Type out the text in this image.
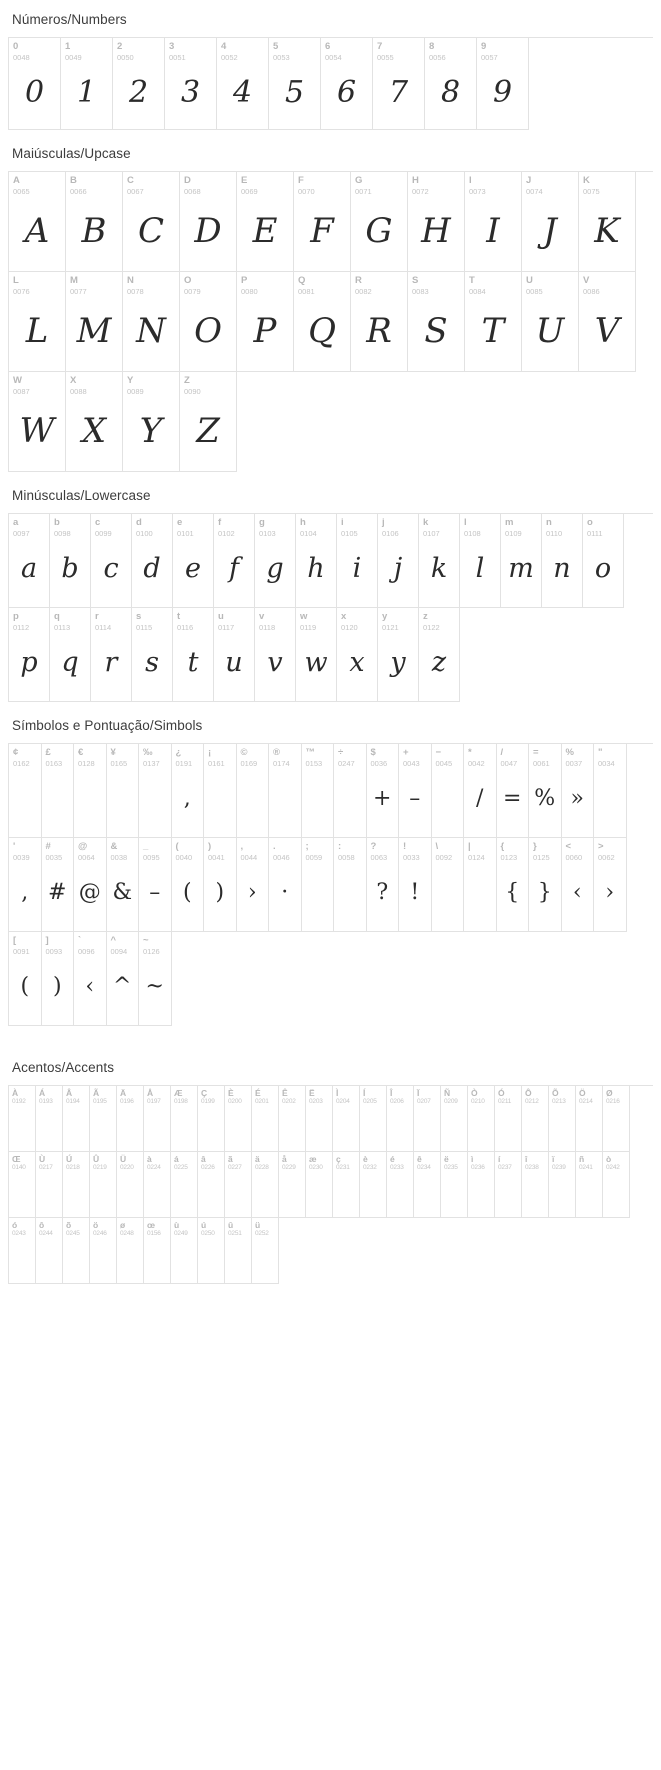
Números/Numbers
0
0048
0
1
0049
1
2
0050
2
3
0051
3
4
0052
4
5
0053
5
6
0054
6
7
0055
7
8
0056
8
9
0057
9
Maiúsculas/Upcase
A
0065
A
B
0066
B
C
0067
C
D
0068
D
E
0069
E
F
0070
F
G
0071
G
H
0072
H
I
0073
I
J
0074
J
K
0075
K
L
0076
L
M
0077
M
N
0078
N
O
0079
O
P
0080
P
Q
0081
Q
R
0082
R
S
0083
S
T
0084
T
U
0085
U
V
0086
V
W
0087
W
X
0088
X
Y
0089
Y
Z
0090
Z
Minúsculas/Lowercase
a
0097
a
b
0098
b
c
0099
c
d
0100
d
e
0101
e
f
0102
f
g
0103
g
h
0104
h
i
0105
i
j
0106
j
k
0107
k
l
0108
l
m
0109
m
n
0110
n
o
0111
o
p
0112
p
q
0113
q
r
0114
r
s
0115
s
t
0116
t
u
0117
u
v
0118
v
w
0119
w
x
0120
x
y
0121
y
z
0122
z
Símbolos e Pontuação/Simbols
¢
0162
£
0163
€
0128
¥
0165
‰
0137
¿
0191
,
¡
0161
©
0169
®
0174
™
0153
÷
0247
$
0036
+
+
0043
–
−
0045
*
0042
/
/
0047
=
=
0061
%
%
0037
»
"
0034
'
0039
,
#
0035
#
@
0064
@
&
0038
&
_
0095
–
(
0040
(
)
0041
)
,
0044
›
.
0046
·
;
0059
:
0058
?
0063
?
!
0033
!
\
0092
|
0124
{
0123
{
}
0125
}
<
0060
‹
>
0062
›
[
0091
(
]
0093
)
`
0096
‹
^
0094
^
~
0126
~
Acentos/Accents
À
0192
Á
0193
Â
0194
Ã
0195
Ä
0196
Å
0197
Æ
0198
Ç
0199
È
0200
É
0201
Ê
0202
Ë
0203
Ì
0204
Í
0205
Î
0206
Ï
0207
Ñ
0209
Ò
0210
Ó
0211
Ô
0212
Õ
0213
Ö
0214
Ø
0216
Œ
0140
Ù
0217
Ú
0218
Û
0219
Ü
0220
à
0224
á
0225
â
0226
ã
0227
ä
0228
å
0229
æ
0230
ç
0231
è
0232
é
0233
ê
0234
ë
0235
ì
0236
í
0237
î
0238
ï
0239
ñ
0241
ò
0242
ó
0243
ô
0244
õ
0245
ö
0246
ø
0248
œ
0156
ù
0249
ú
0250
û
0251
ü
0252
